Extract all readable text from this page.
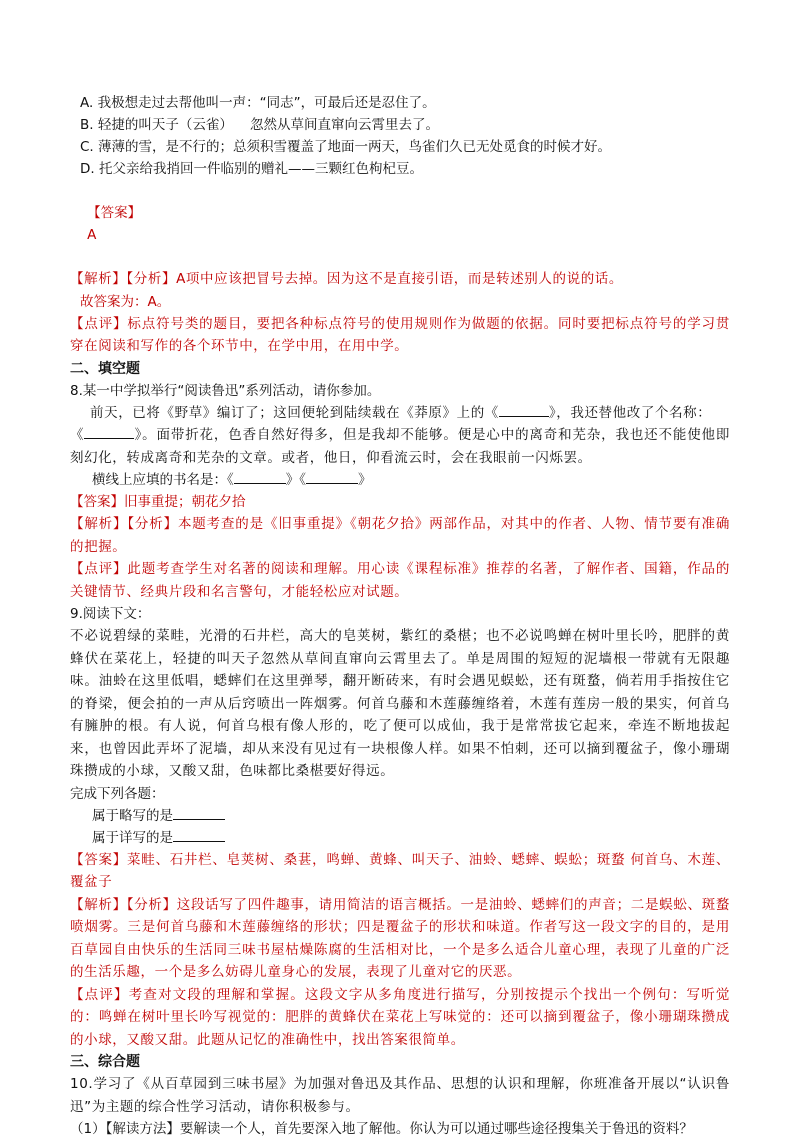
A. 我极想走过去帮他叫一声：“同志”，可最后还是忍住了。
B. 轻捷的叫天子（云雀）    忽然从草间直窜向云霄里去了。
C. 薄薄的雪，是不行的；总须积雪覆盖了地面一两天，鸟雀们久已无处觅食的时候才好。
D. 托父亲给我捎回一件临别的赠礼——三颗红色枸杞豆。

【答案】
A

【解析】【分析】A项中应该把冒号去掉。因为这不是直接引语，而是转述别人的说的话。
故答案为：A。
【点评】标点符号类的题目，要把各种标点符号的使用规则作为做题的依据。同时要把标点符号的学习贯穿在阅读和写作的各个环节中，在学中用，在用中学。
二、填空题
8.某一中学拟举行“阅读鲁迅”系列活动，请你参加。
前天，已将《野草》编订了；这回便轮到陆续载在《莽原》上的《	》，我还替他改了个名称：
《	》。面带折花，色香自然好得多，但是我却不能够。便是心中的离奇和芜杂，我也还不能使他即刻幻化，转成离奇和芜杂的文章。或者，他日，仰看流云时，会在我眼前一闪烁罢。
横线上应填的书名是：《	》《	》
【答案】旧事重提；朝花夕拾
【解析】【分析】本题考查的是《旧事重提》《朝花夕拾》两部作品，对其中的作者、人物、情节要有准确的把握。
【点评】此题考查学生对名著的阅读和理解。用心读《课程标准》推荐的名著，了解作者、国籍，作品的关键情节、经典片段和名言警句，才能轻松应对试题。
9.阅读下文：
不必说碧绿的菜畦，光滑的石井栏，高大的皂荚树，紫红的桑椹；也不必说鸣蝉在树叶里长吟，肥胖的黄蜂伏在菜花上，轻捷的叫天子忽然从草间直窜向云霄里去了。单是周围的短短的泥墙根一带就有无限趣味。油蛉在这里低唱，蟋蟀们在这里弹琴，翻开断砖来，有时会遇见蜈蚣，还有斑蝥，倘若用手指按住它的脊梁，便会拍的一声从后窍喷出一阵烟雾。何首乌藤和木莲藤缠络着，木莲有莲房一般的果实，何首乌有臃肿的根。有人说，何首乌根有像人形的，吃了便可以成仙，我于是常常拔它起来，牵连不断地拔起来，也曾因此弄坏了泥墙，却从来没有见过有一块根像人样。如果不怕刺，还可以摘到覆盆子，像小珊瑚珠攒成的小球，又酸又甜，色味都比桑椹要好得远。
完成下列各题：
属于略写的是
属于详写的是
【答案】菜畦、石井栏、皂荚树、桑葚，鸣蝉、黄蜂、叫天子、油蛉、蟋蟀、蜈蚣；斑蝥 何首乌、木莲、覆盆子
【解析】【分析】这段话写了四件趣事，请用简洁的语言概括。一是油蛉、蟋蟀们的声音；二是蜈蚣、斑蝥喷烟雾。三是何首乌藤和木莲藤缠络的形状；四是覆盆子的形状和味道。作者写这一段文字的目的，是用百草园自由快乐的生活同三味书屋枯燥陈腐的生活相对比，一个是多么适合儿童心理，表现了儿童的广泛的生活乐趣，一个是多么妨碍儿童身心的发展，表现了儿童对它的厌恶。
【点评】考查对文段的理解和掌握。这段文字从多角度进行描写，分别按提示个找出一个例句：写听觉的：鸣蝉在树叶里长吟写视觉的：肥胖的黄蜂伏在菜花上写味觉的：还可以摘到覆盆子，像小珊瑚珠攒成的小球，又酸又甜。此题从记忆的准确性中，找出答案很简单。
三、综合题
10.学习了《从百草园到三味书屋》为加强对鲁迅及其作品、思想的认识和理解，你班准备开展以“认识鲁迅”为主题的综合性学习活动，请你积极参与。
（1）【解读方法】要解读一个人，首先要深入地了解他。你认为可以通过哪些途径搜集关于鲁迅的资料？
